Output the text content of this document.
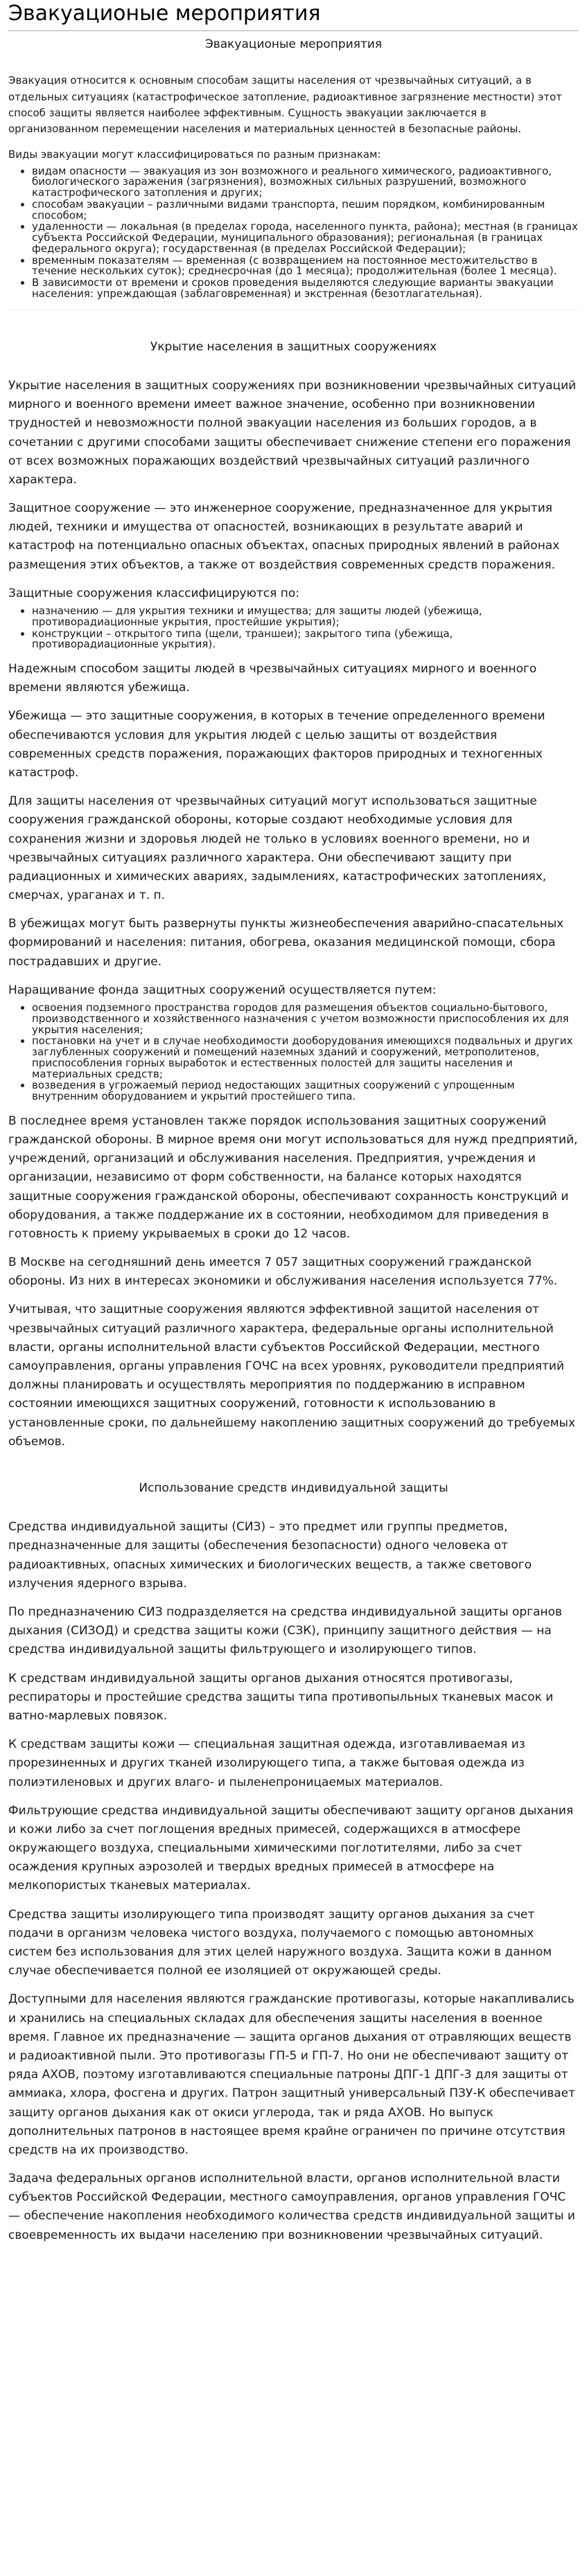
Эвакуационые мероприятия
Эвакуационые мероприятия

Эвакуация относится к основным способам защиты населения от чрезвычайных ситуаций, а в отдельных ситуациях (катастрофическое затопление, радиоактивное загрязнение местности) этот способ защиты является наиболее эффективным. Сущность эвакуации заключается в организованном перемещении населения и материальных ценностей в безопасные районы.

Виды эвакуации могут классифицироваться по разным признакам:

• видам опасности — эвакуация из зон возможного и реального химического, радиоактивного, биологического заражения (загрязнения), возможных сильных разрушений, возможного катастрофического затопления и других;
• способам эвакуации – различными видами транспорта, пешим порядком, комбинированным способом;
• удаленности — локальная (в пределах города, населенного пункта, района); местная (в границах субъекта Российской Федерации, муниципального образования); региональная (в границах федерального округа); государственная (в пределах Российской Федерации);
• временным показателям — временная (с возвращением на постоянное местожительство в течение нескольких суток); среднесрочная (до 1 месяца); продолжительная (более 1 месяца).
• В зависимости от времени и сроков проведения выделяются следующие варианты эвакуации населения: упреждающая (заблаговременная) и экстренная (безотлагательная).
Укрытие населения в защитных сооружениях

Укрытие населения в защитных сооружениях при возникновении чрезвычайных ситуаций мирного и военного времени имеет важное значение, особенно при возникновении трудностей и невозможности полной эвакуации населения из больших городов, а в сочетании с другими способами защиты обеспечивает снижение степени его поражения от всех возможных поражающих воздействий чрезвычайных ситуаций различного характера.

Защитное сооружение — это инженерное сооружение, предназначенное для укрытия людей, техники и имущества от опасностей, возникающих в результате аварий и катастроф на потенциально опасных объектах, опасных природных явлений в районах размещения этих объектов, а также от воздействия современных средств поражения.

Защитные сооружения классифицируются по:

• назначению — для укрытия техники и имущества; для защиты людей (убежища, противорадиационные укрытия, простейшие укрытия);
• конструкции – открытого типа (щели, траншеи); закрытого типа (убежища, противорадиационные укрытия).

Надежным способом защиты людей в чрезвычайных ситуациях мирного и военного времени являются убежища.

Убежища — это защитные сооружения, в которых в течение определенного времени обеспечиваются условия для укрытия людей с целью защиты от воздействия современных средств поражения, поражающих факторов природных и техногенных катастроф.

Для защиты населения от чрезвычайных ситуаций могут использоваться защитные сооружения гражданской обороны, которые создают необходимые условия для сохранения жизни и здоровья людей не только в условиях военного времени, но и чрезвычайных ситуациях различного характера. Они обеспечивают защиту при радиационных и химических авариях, задымлениях, катастрофических затоплениях, смерчах, ураганах и т. п.

В убежищах могут быть развернуты пункты жизнеобеспечения аварийно-спасательных формирований и населения: питания, обогрева, оказания медицинской помощи, сбора пострадавших и другие.

Наращивание фонда защитных сооружений осуществляется путем:

• освоения подземного пространства городов для размещения объектов социально-бытового, производственного и хозяйственного назначения с учетом возможности приспособления их для укрытия населения;
• постановки на учет и в случае необходимости дооборудования имеющихся подвальных и других заглубленных сооружений и помещений наземных зданий и сооружений, метрополитенов, приспособления горных выработок и естественных полостей для защиты населения и материальных средств;
• возведения в угрожаемый период недостающих защитных сооружений с упрощенным внутренним оборудованием и укрытий простейшего типа.

В последнее время установлен также порядок использования защитных сооружений гражданской обороны. В мирное время они могут использоваться для нужд предприятий, учреждений, организаций и обслуживания населения. Предприятия, учреждения и организации, независимо от форм собственности, на балансе которых находятся защитные сооружения гражданской обороны, обеспечивают сохранность конструкций и оборудования, а также поддержание их в состоянии, необходимом для приведения в готовность к приему укрываемых в сроки до 12 часов.

В Москве на сегодняшний день имеется 7 057 защитных сооружений гражданской обороны. Из них в интересах экономики и обслуживания населения используется 77%.

Учитывая, что защитные сооружения являются эффективной защитой населения от чрезвычайных ситуаций различного характера, федеральные органы исполнительной власти, органы исполнительной власти субъектов Российской Федерации, местного самоуправления, органы управления ГОЧС на всех уровнях, руководители предприятий должны планировать и осуществлять мероприятия по поддержанию в исправном состоянии имеющихся защитных сооружений, готовности к использованию в установленные сроки, по дальнейшему накоплению защитных сооружений до требуемых объемов.

Использование средств индивидуальной защиты

Средства индивидуальной защиты (СИЗ) – это предмет или группы предметов, предназначенные для защиты (обеспечения безопасности) одного человека от радиоактивных, опасных химических и биологических веществ, а также светового излучения ядерного взрыва.

По предназначению СИЗ подразделяется на средства индивидуальной защиты органов дыхания (СИЗОД) и средства защиты кожи (СЗК), принципу защитного действия — на средства индивидуальной защиты фильтрующего и изолирующего типов.

К средствам индивидуальной защиты органов дыхания относятся противогазы, респираторы и простейшие средства защиты типа противопыльных тканевых масок и ватно-марлевых повязок.

К средствам защиты кожи — специальная защитная одежда, изготавливаемая из прорезиненных и других тканей изолирующего типа, а также бытовая одежда из полиэтиленовых и других влаго- и пыленепроницаемых материалов.

Фильтрующие средства индивидуальной защиты обеспечивают защиту органов дыхания и кожи либо за счет поглощения вредных примесей, содержащихся в атмосфере окружающего воздуха, специальными химическими поглотителями, либо за счет осаждения крупных аэрозолей и твердых вредных примесей в атмосфере на мелкопористых тканевых материалах.

Средства защиты изолирующего типа производят защиту органов дыхания за счет подачи в организм человека чистого воздуха, получаемого с помощью автономных систем без использования для этих целей наружного воздуха. Защита кожи в данном случае обеспечивается полной ее изоляцией от окружающей среды.

Доступными для населения являются гражданские противогазы, которые накапливались и хранились на специальных складах для обеспечения защиты населения в военное время. Главное их предназначение — защита органов дыхания от отравляющих веществ и радиоактивной пыли. Это противогазы ГП-5 и ГП-7. Но они не обеспечивают защиту от ряда АХОВ, поэтому изготавливаются специальные патроны ДПГ-1 ДПГ-3 для защиты от аммиака, хлора, фосгена и других. Патрон защитный универсальный ПЗУ-К обеспечивает защиту органов дыхания как от окиси углерода, так и ряда АХОВ. Но выпуск дополнительных патронов в настоящее время крайне ограничен по причине отсутствия средств на их производство.

Задача федеральных органов исполнительной власти, органов исполнительной власти субъектов Российской Федерации, местного самоуправления, органов управления ГОЧС — обеспечение накопления необходимого количества средств индивидуальной защиты и своевременность их выдачи населению при возникновении чрезвычайных ситуаций.
